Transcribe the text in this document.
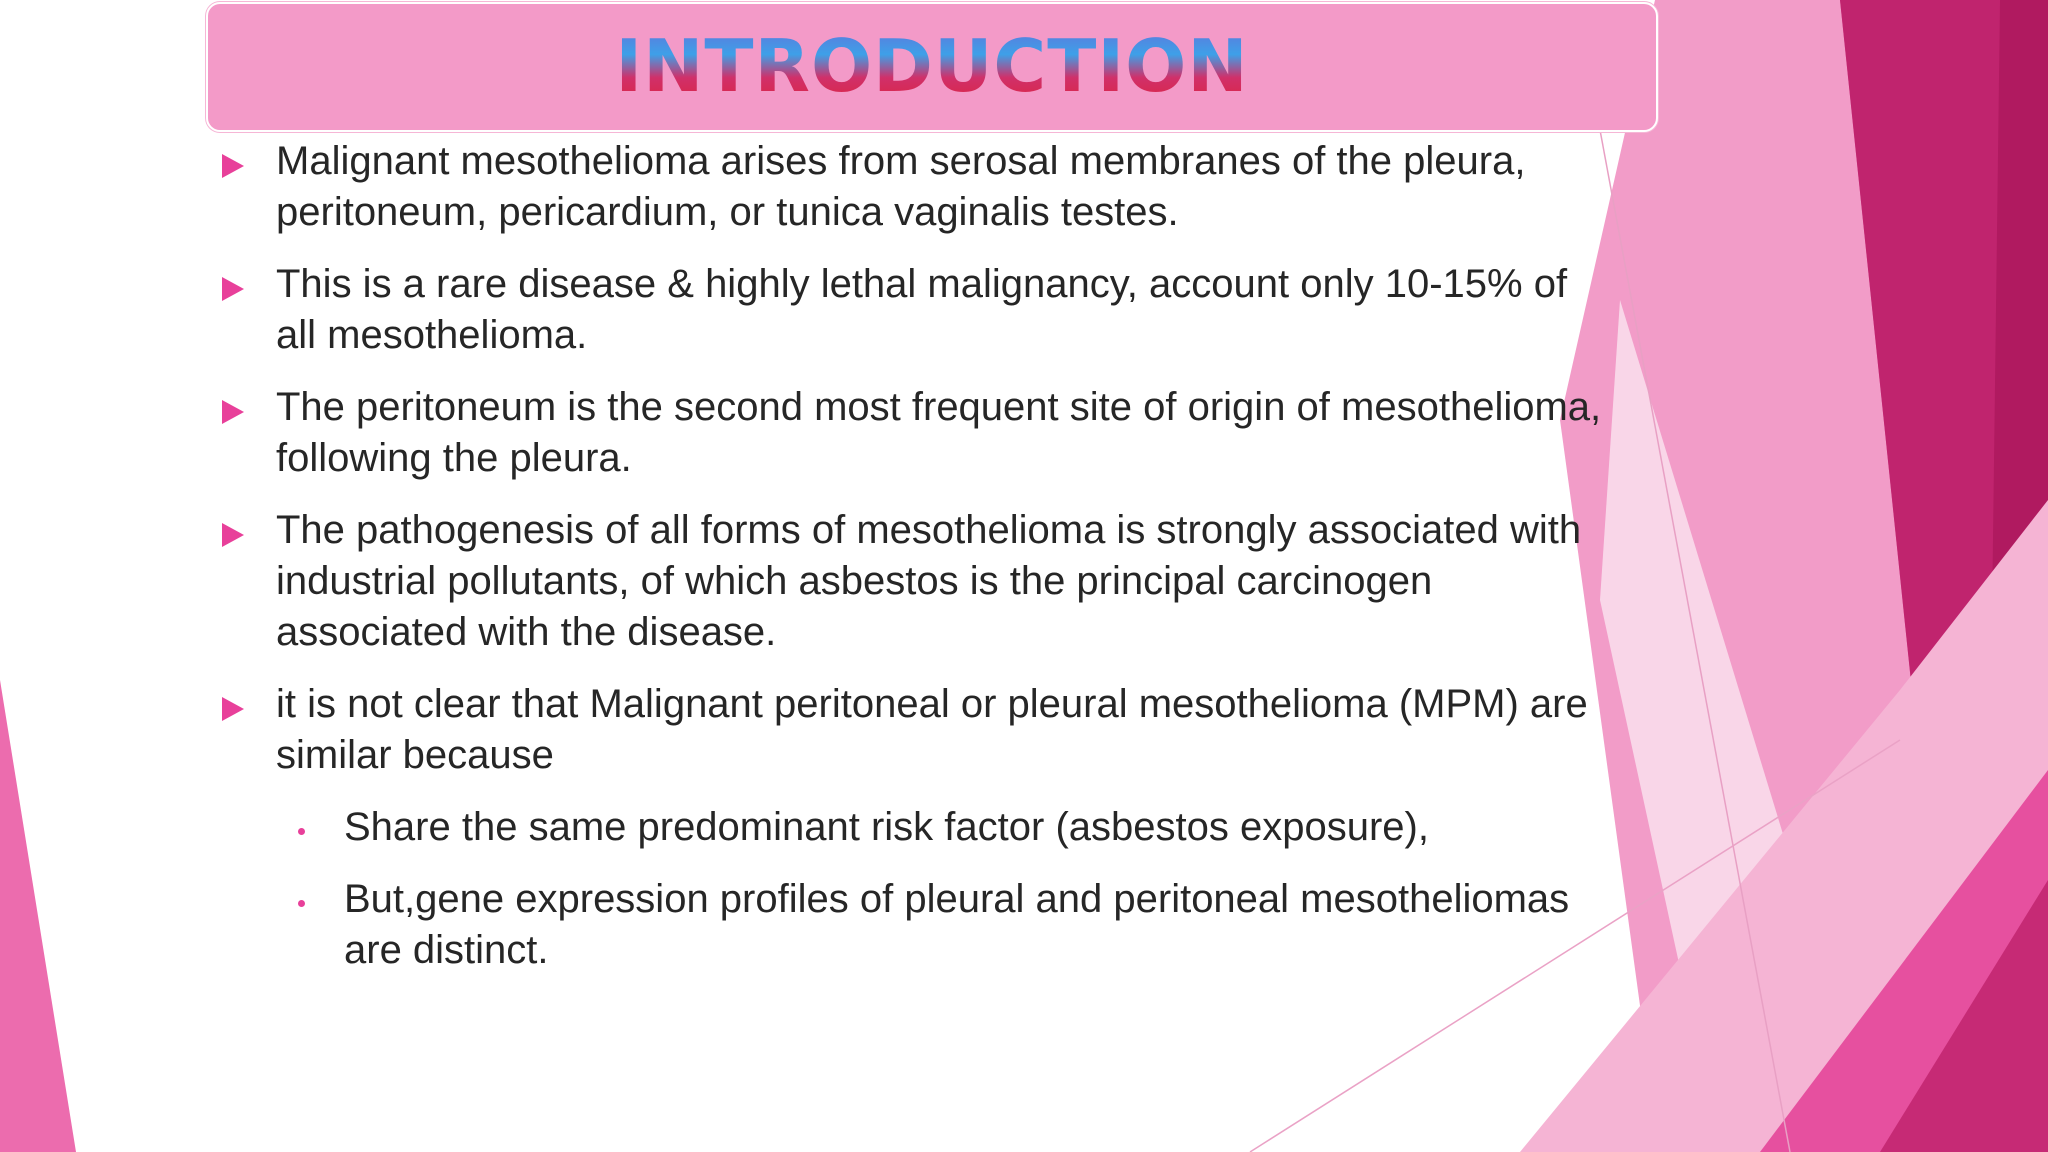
INTRODUCTION
Malignant mesothelioma arises from serosal membranes of the pleura, peritoneum, pericardium, or tunica vaginalis testes.
This is a rare disease & highly lethal malignancy, account only 10-15% of all mesothelioma.
The peritoneum is the second most frequent site of origin of mesothelioma, following the pleura.
The pathogenesis of all forms of mesothelioma is strongly associated with industrial pollutants, of which asbestos is the principal carcinogen associated with the disease.
it is not clear that Malignant peritoneal or pleural mesothelioma (MPM) are similar because
Share the same predominant risk factor (asbestos exposure),
But,gene expression profiles of pleural and peritoneal mesotheliomas are distinct.
